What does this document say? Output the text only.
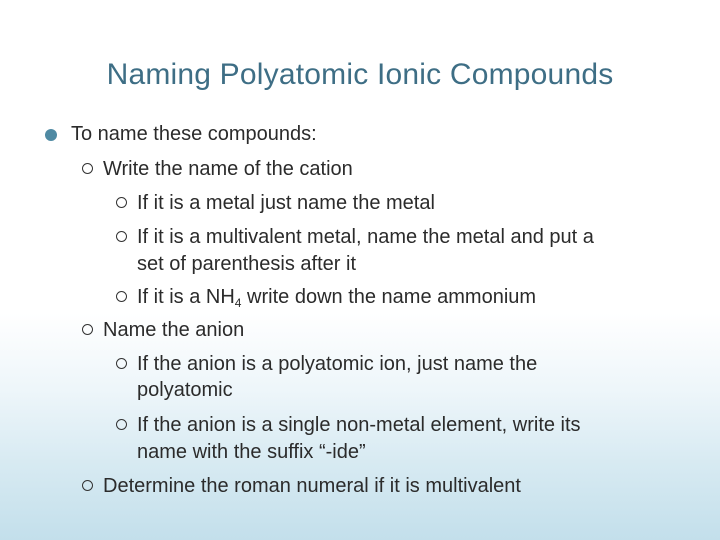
Naming Polyatomic Ionic Compounds
To name these compounds:
Write the name of the cation
If it is a metal just name the metal
If it is a multivalent metal, name the metal and put a
set of parenthesis after it
If it is a $NH_4$ write down the name ammonium
Name the anion
If the anion is a polyatomic ion, just name the
polyatomic
If the anion is a single non-metal element, write its
name with the suffix “-ide”
Determine the roman numeral if it is multivalent
